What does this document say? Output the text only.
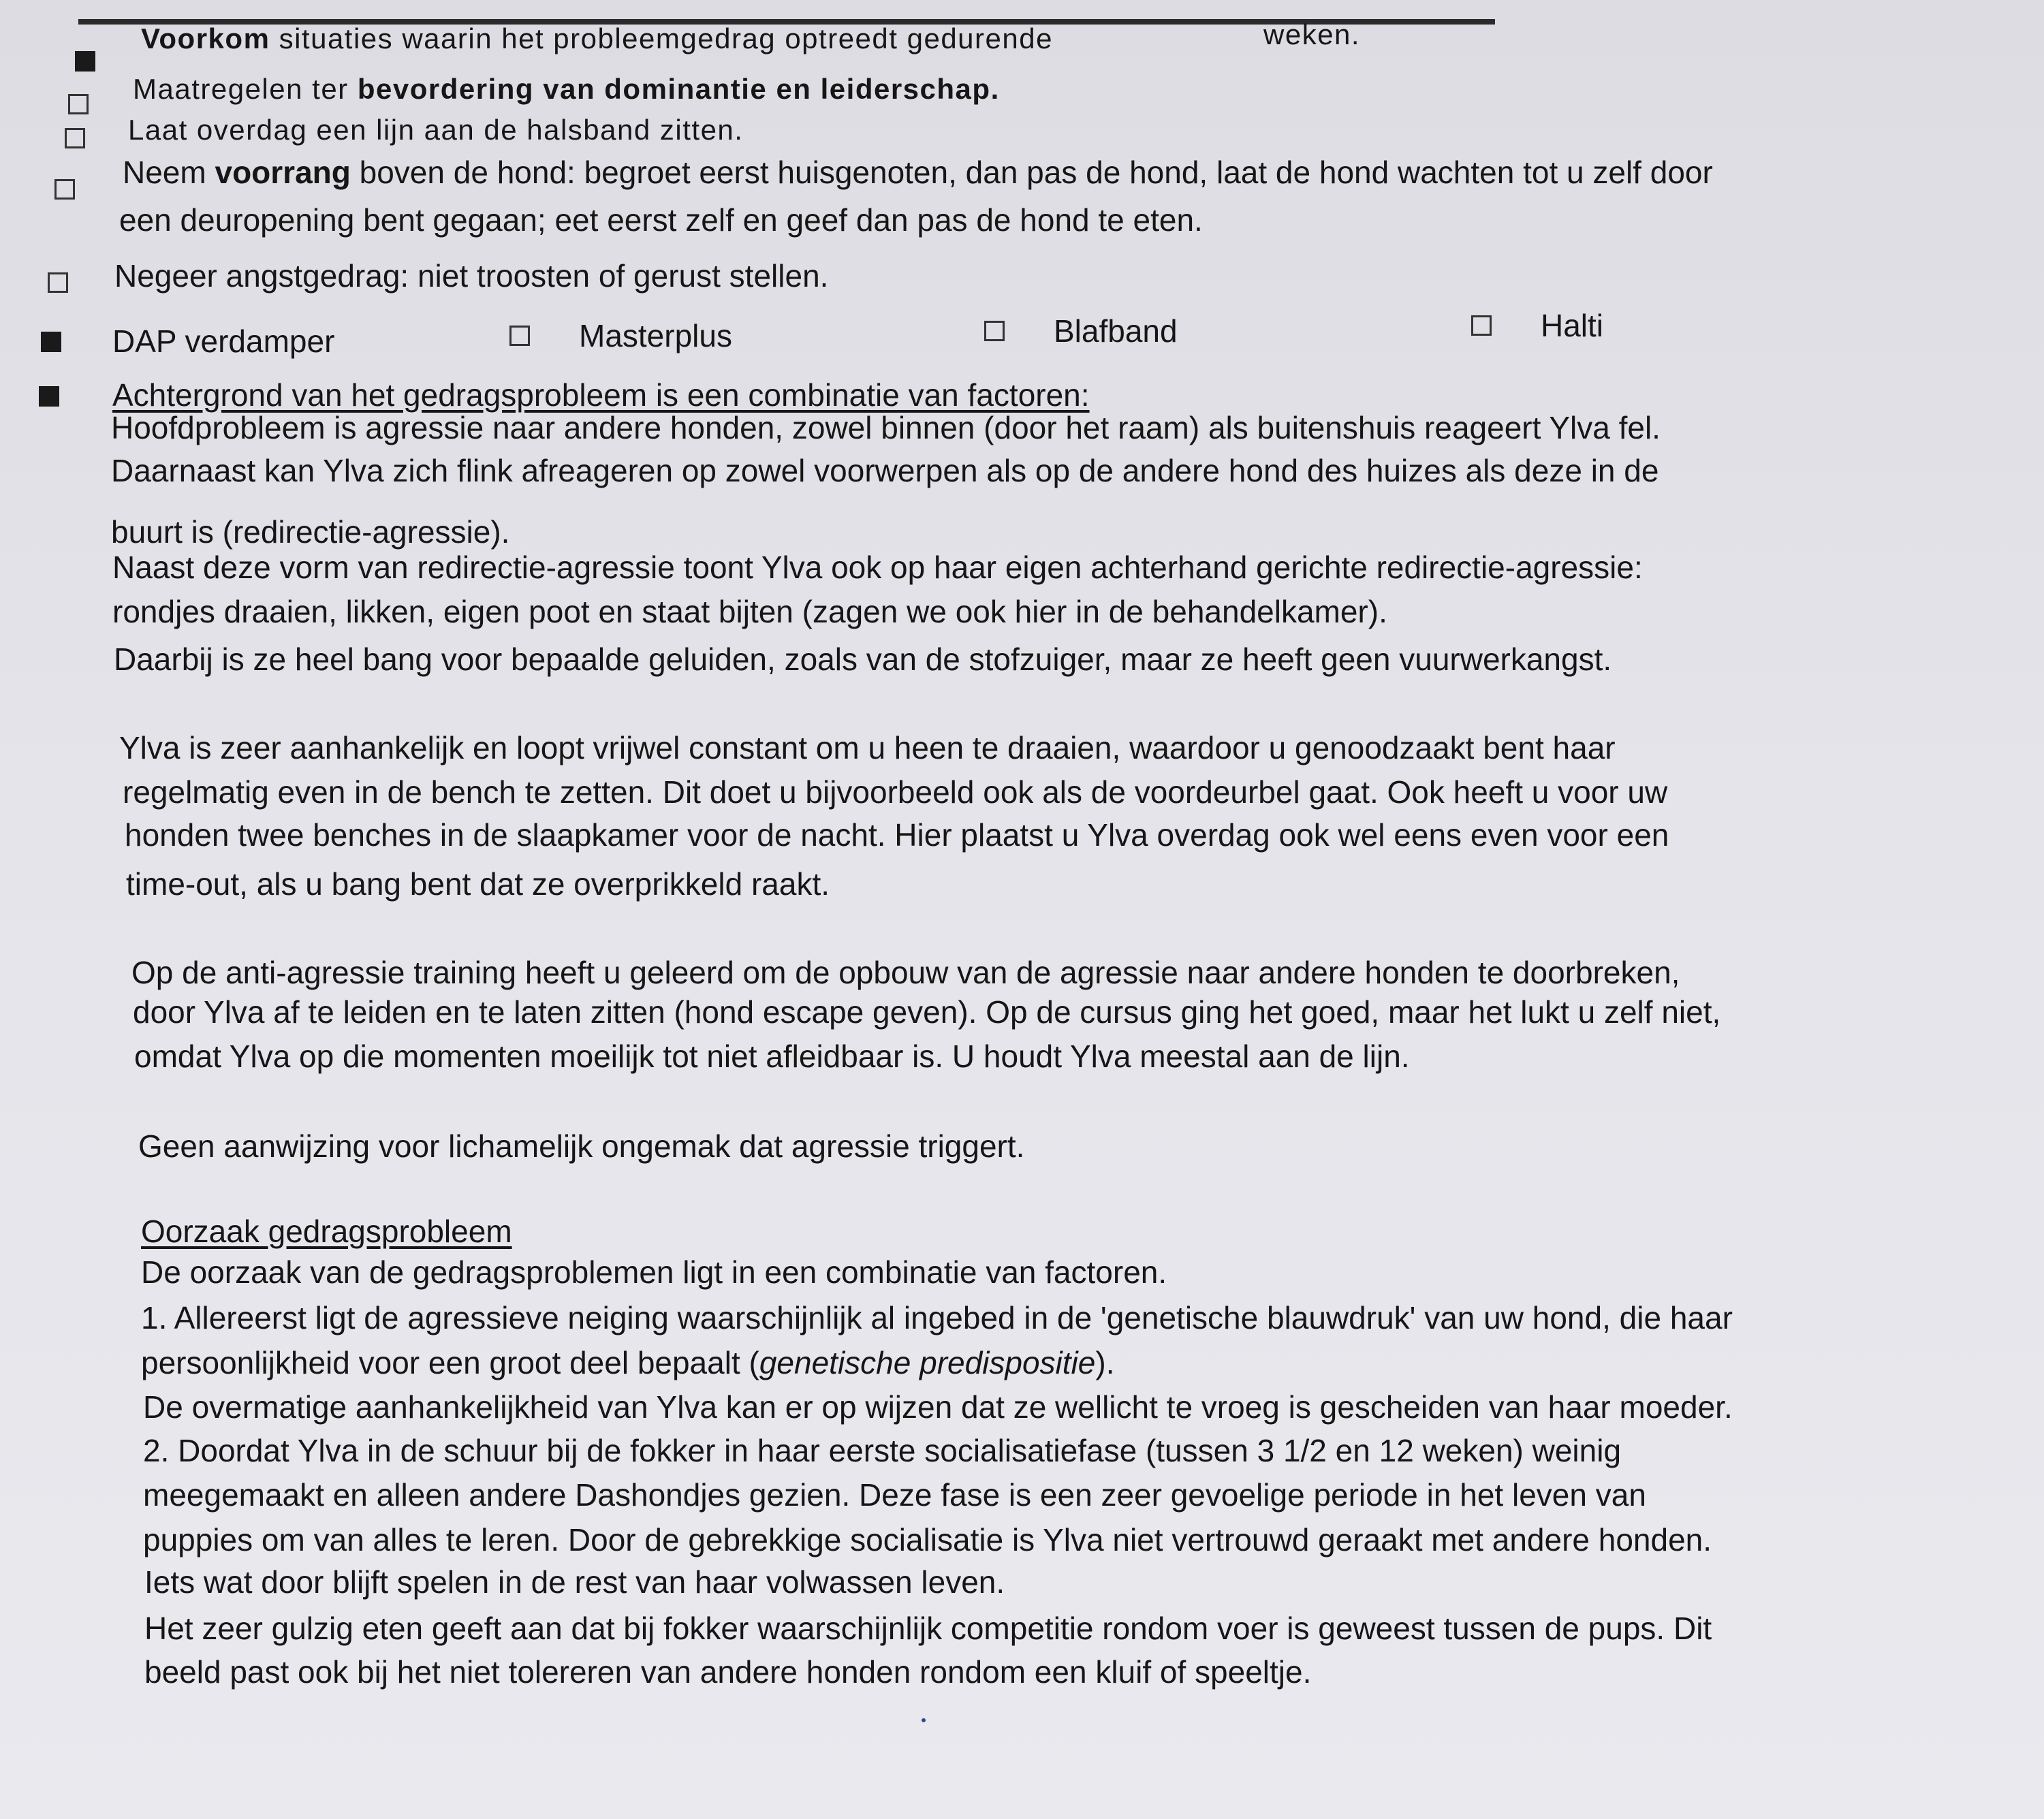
Voorkom situaties waarin het probleemgedrag optreedt gedurende	weken.
Maatregelen ter bevordering van dominantie en leiderschap.
Laat overdag een lijn aan de halsband zitten.
Neem voorrang boven de hond: begroet eerst huisgenoten, dan pas de hond, laat de hond wachten tot u zelf door
een deuropening bent gegaan; eet eerst zelf en geef dan pas de hond te eten.
Negeer angstgedrag: niet troosten of gerust stellen.
DAP verdamper	Masterplus	Blafband	Halti
Achtergrond van het gedragsprobleem is een combinatie van factoren:
Hoofdprobleem is agressie naar andere honden, zowel binnen (door het raam) als buitenshuis reageert Ylva fel.
Daarnaast kan Ylva zich flink afreageren op zowel voorwerpen als op de andere hond des huizes als deze in de
buurt is (redirectie-agressie).
Naast deze vorm van redirectie-agressie toont Ylva ook op haar eigen achterhand gerichte redirectie-agressie:
rondjes draaien, likken, eigen poot en staat bijten (zagen we ook hier in de behandelkamer).
Daarbij is ze heel bang voor bepaalde geluiden, zoals van de stofzuiger, maar ze heeft geen vuurwerkangst.
Ylva is zeer aanhankelijk en loopt vrijwel constant om u heen te draaien, waardoor u genoodzaakt bent haar
regelmatig even in de bench te zetten. Dit doet u bijvoorbeeld ook als de voordeurbel gaat. Ook heeft u voor uw
honden twee benches in de slaapkamer voor de nacht. Hier plaatst u Ylva overdag ook wel eens even voor een
time-out, als u bang bent dat ze overprikkeld raakt.
Op de anti-agressie training heeft u geleerd om de opbouw van de agressie naar andere honden te doorbreken,
door Ylva af te leiden en te laten zitten (hond escape geven). Op de cursus ging het goed, maar het lukt u zelf niet,
omdat Ylva op die momenten moeilijk tot niet afleidbaar is. U houdt Ylva meestal aan de lijn.
Geen aanwijzing voor lichamelijk ongemak dat agressie triggert.
Oorzaak gedragsprobleem
De oorzaak van de gedragsproblemen ligt in een combinatie van factoren.
1. Allereerst ligt de agressieve neiging waarschijnlijk al ingebed in de 'genetische blauwdruk' van uw hond, die haar
persoonlijkheid voor een groot deel bepaalt (genetische predispositie).
De overmatige aanhankelijkheid van Ylva kan er op wijzen dat ze wellicht te vroeg is gescheiden van haar moeder.
2. Doordat Ylva in de schuur bij de fokker in haar eerste socialisatiefase (tussen 3 1/2 en 12 weken) weinig
meegemaakt en alleen andere Dashondjes gezien. Deze fase is een zeer gevoelige periode in het leven van
puppies om van alles te leren. Door de gebrekkige socialisatie is Ylva niet vertrouwd geraakt met andere honden.
Iets wat door blijft spelen in de rest van haar volwassen leven.
Het zeer gulzig eten geeft aan dat bij fokker waarschijnlijk competitie rondom voer is geweest tussen de pups. Dit
beeld past ook bij het niet tolereren van andere honden rondom een kluif of speeltje.
